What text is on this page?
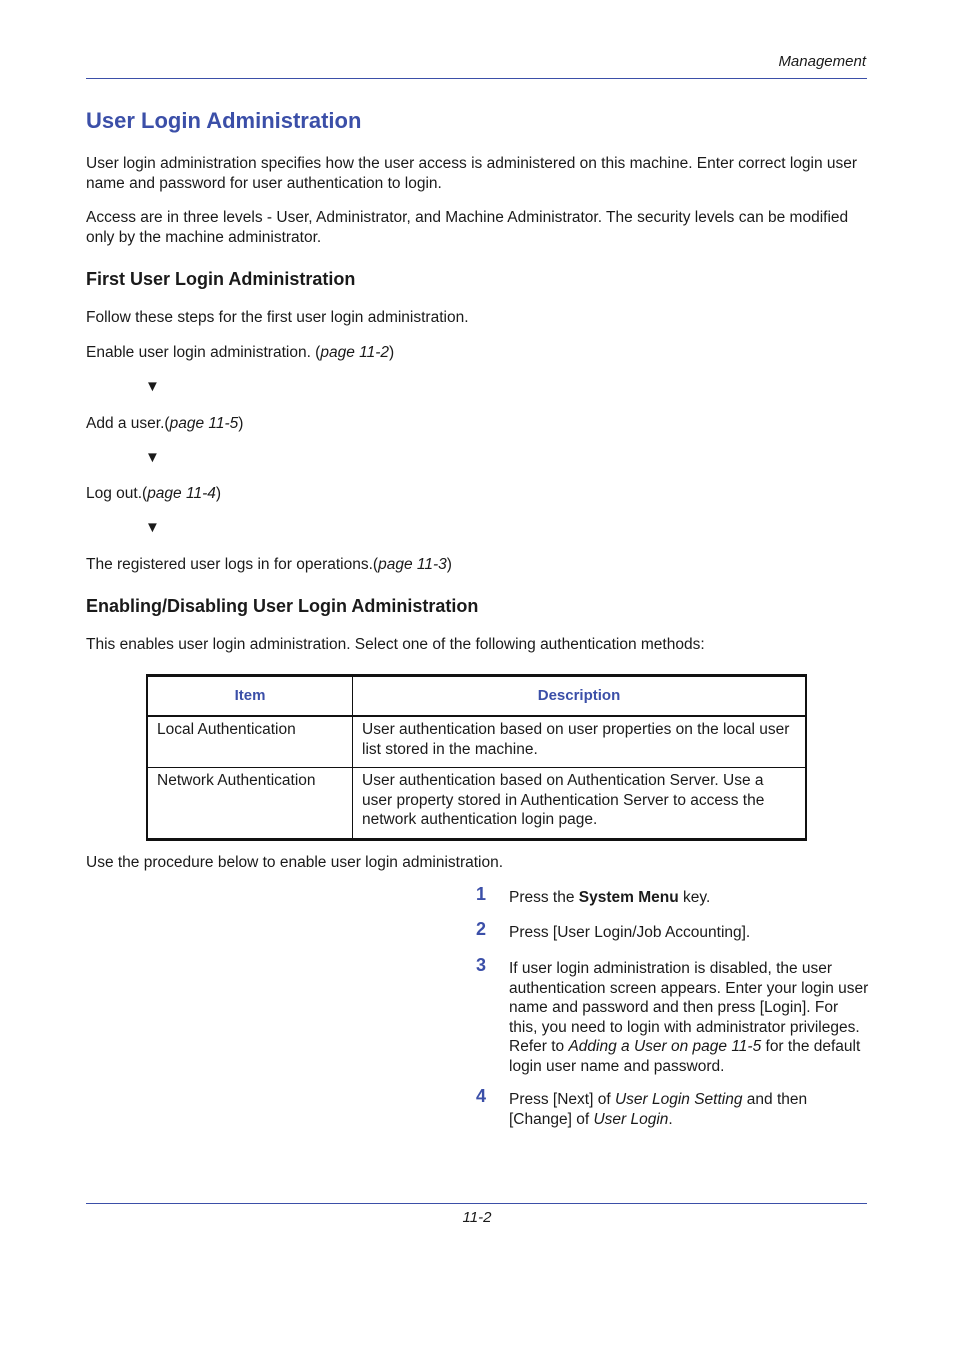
Management
User Login Administration
User login administration specifies how the user access is administered on this machine. Enter correct login user name and password for user authentication to login.
Access are in three levels - User, Administrator, and Machine Administrator. The security levels can be modified only by the machine administrator.
First User Login Administration
Follow these steps for the first user login administration.
Enable user login administration. (page 11-2)
▼
Add a user.(page 11-5)
▼
Log out.(page 11-4)
▼
The registered user logs in for operations.(page 11-3)
Enabling/Disabling User Login Administration
This enables user login administration. Select one of the following authentication methods:
Item	Description
Local Authentication	User authentication based on user properties on the local user list stored in the machine.
Network Authentication	User authentication based on Authentication Server. Use a user property stored in Authentication Server to access the network authentication login page.
Use the procedure below to enable user login administration.
1 Press the System Menu key.
2 Press [User Login/Job Accounting].
3 If user login administration is disabled, the user authentication screen appears. Enter your login user name and password and then press [Login]. For this, you need to login with administrator privileges. Refer to Adding a User on page 11-5 for the default login user name and password.
4 Press [Next] of User Login Setting and then [Change] of User Login.
11-2
